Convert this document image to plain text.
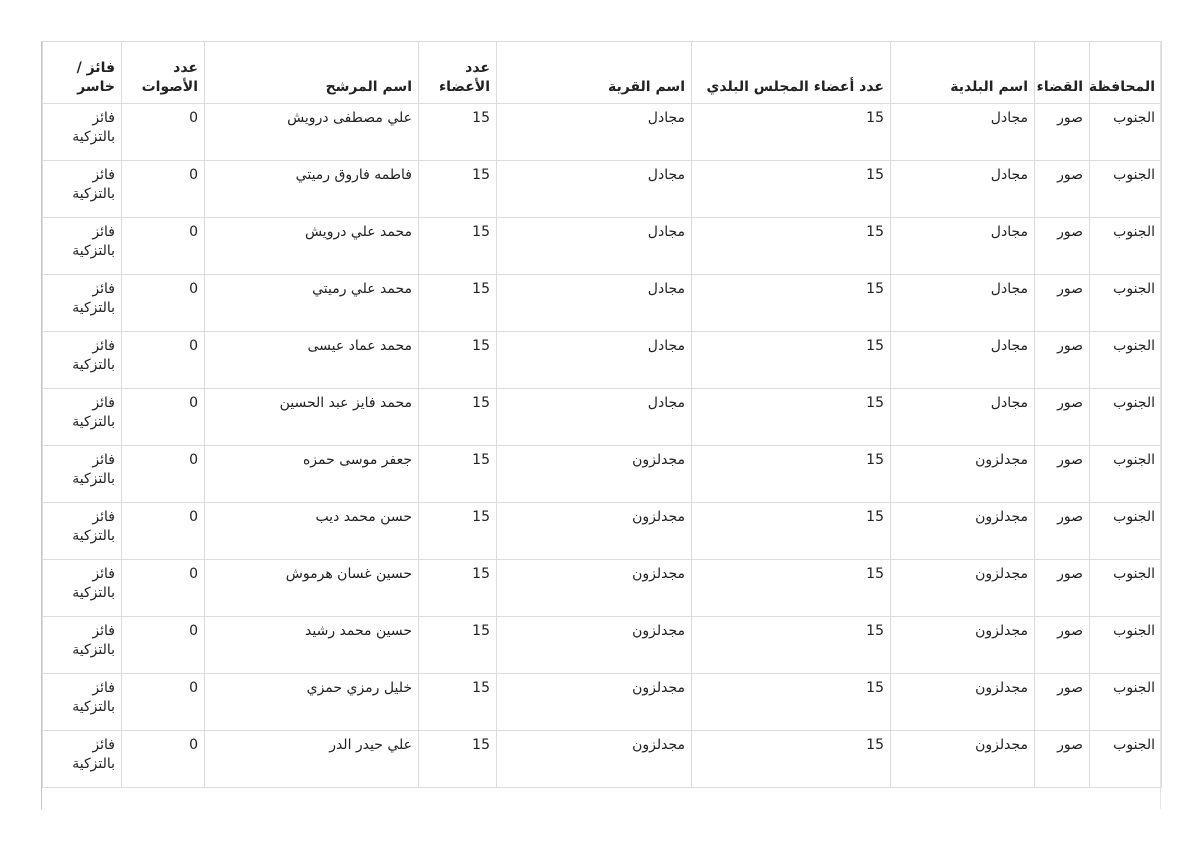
المحافظة	القضاء	اسم البلدية	عدد أعضاء المجلس البلدي	اسم القرية	عدد الأعضاء	اسم المرشح	عدد الأصوات	فائز / خاسر
الجنوب	صور	مجادل	15	مجادل	15	علي مصطفى درويش	0	فائز بالتزكية
الجنوب	صور	مجادل	15	مجادل	15	فاطمه فاروق رميتي	0	فائز بالتزكية
الجنوب	صور	مجادل	15	مجادل	15	محمد علي درويش	0	فائز بالتزكية
الجنوب	صور	مجادل	15	مجادل	15	محمد علي رميتي	0	فائز بالتزكية
الجنوب	صور	مجادل	15	مجادل	15	محمد عماد عيسى	0	فائز بالتزكية
الجنوب	صور	مجادل	15	مجادل	15	محمد فايز عبد الحسين	0	فائز بالتزكية
الجنوب	صور	مجدلزون	15	مجدلزون	15	جعفر موسى حمزه	0	فائز بالتزكية
الجنوب	صور	مجدلزون	15	مجدلزون	15	حسن محمد ديب	0	فائز بالتزكية
الجنوب	صور	مجدلزون	15	مجدلزون	15	حسين غسان هرموش	0	فائز بالتزكية
الجنوب	صور	مجدلزون	15	مجدلزون	15	حسين محمد رشيد	0	فائز بالتزكية
الجنوب	صور	مجدلزون	15	مجدلزون	15	خليل رمزي حمزي	0	فائز بالتزكية
الجنوب	صور	مجدلزون	15	مجدلزون	15	علي حيدر الدر	0	فائز بالتزكية
